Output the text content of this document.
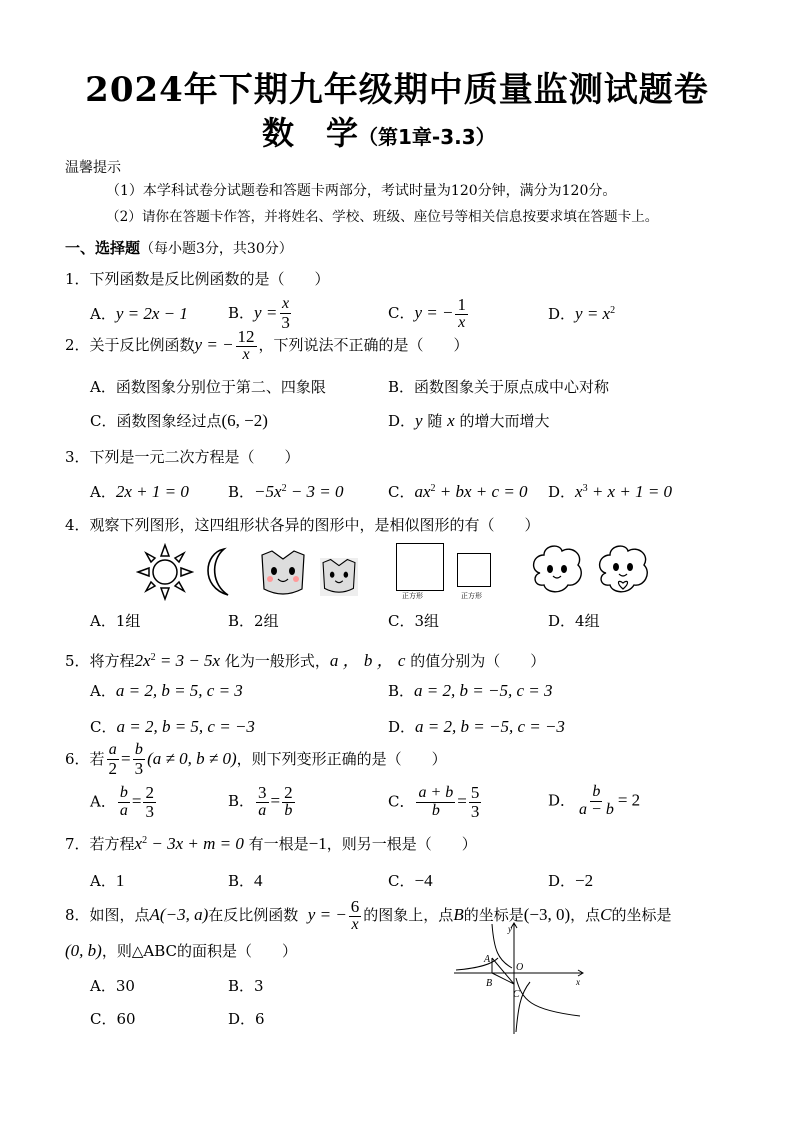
2024年下期九年级期中质量监测试题卷
数　学（第1章-3.3）
温馨提示
（1）本学科试卷分试题卷和答题卡两部分，考试时量为120分钟，满分为120分。
（2）请你在答题卡作答，并将姓名、学校、班级、座位号等相关信息按要求填在答题卡上。
一、选择题（每小题3分，共30分）
1．下列函数是反比例函数的是（　　）
A．y = 2x − 1	B．$y = \frac{x}{3}$	C．y = − $\frac{1}{x}$	D．$y = x^2$
2．关于反比例函数y = − $\frac{12}{x}$ ，下列说法不正确的是（　　）
A．函数图象分别位于第二、四象限	B．函数图象关于原点成中心对称
C．函数图象经过点(6, −2)	D．y 随 x 的增大而增大
3．下列是一元二次方程是（　　）
A．2x + 1 = 0	B．$-5x^2 - 3 = 0$	C．$ax^2$ + bx + c = 0 D．$x^3 + x + 1 = 0$
4．观察下列图形，这四组形状各异的图形中，是相似图形的有（　　）
正方形	正方形
A．1组	B．2组	C．3组	D．4组
5．将方程$2x^2 = 3 - 5x$ 化为一般形式，a ， b ， c 的值分别为（　　）
A．a = 2, b = 5, c = 3	B．a = 2, b = −5, c = 3
C．a = 2, b = 5, c = −3	D．a = 2, b = −5, c = −3
6．若 $\frac{a}{2} = \frac{b}{3} (a \ne 0$, b ≠ 0)，则下列变形正确的是（　　）
A． $\frac{b}{a} = \frac{2}{3}$	B． $\frac{3}{a} = \frac{2}{b}$	C． $\frac{a + b}{b} = \frac{5}{3}$	D． $\frac{b}{a - b} = 2$
7．若方程$x^2 - 3x + m = 0$ 有一根是−1，则另一根是（　　）
A．1	B．4	C．−4	D．−2
8．如图，点A(−3, a)在反比例函数 y = − $\frac{6}{x}$ 的图象上，点B的坐标是(−3, 0)，点C的坐标是
(0, b)，则△ABC的面积是（　　）
A．30	B．3
C．60	D．6
y
x
O
A
B
C
